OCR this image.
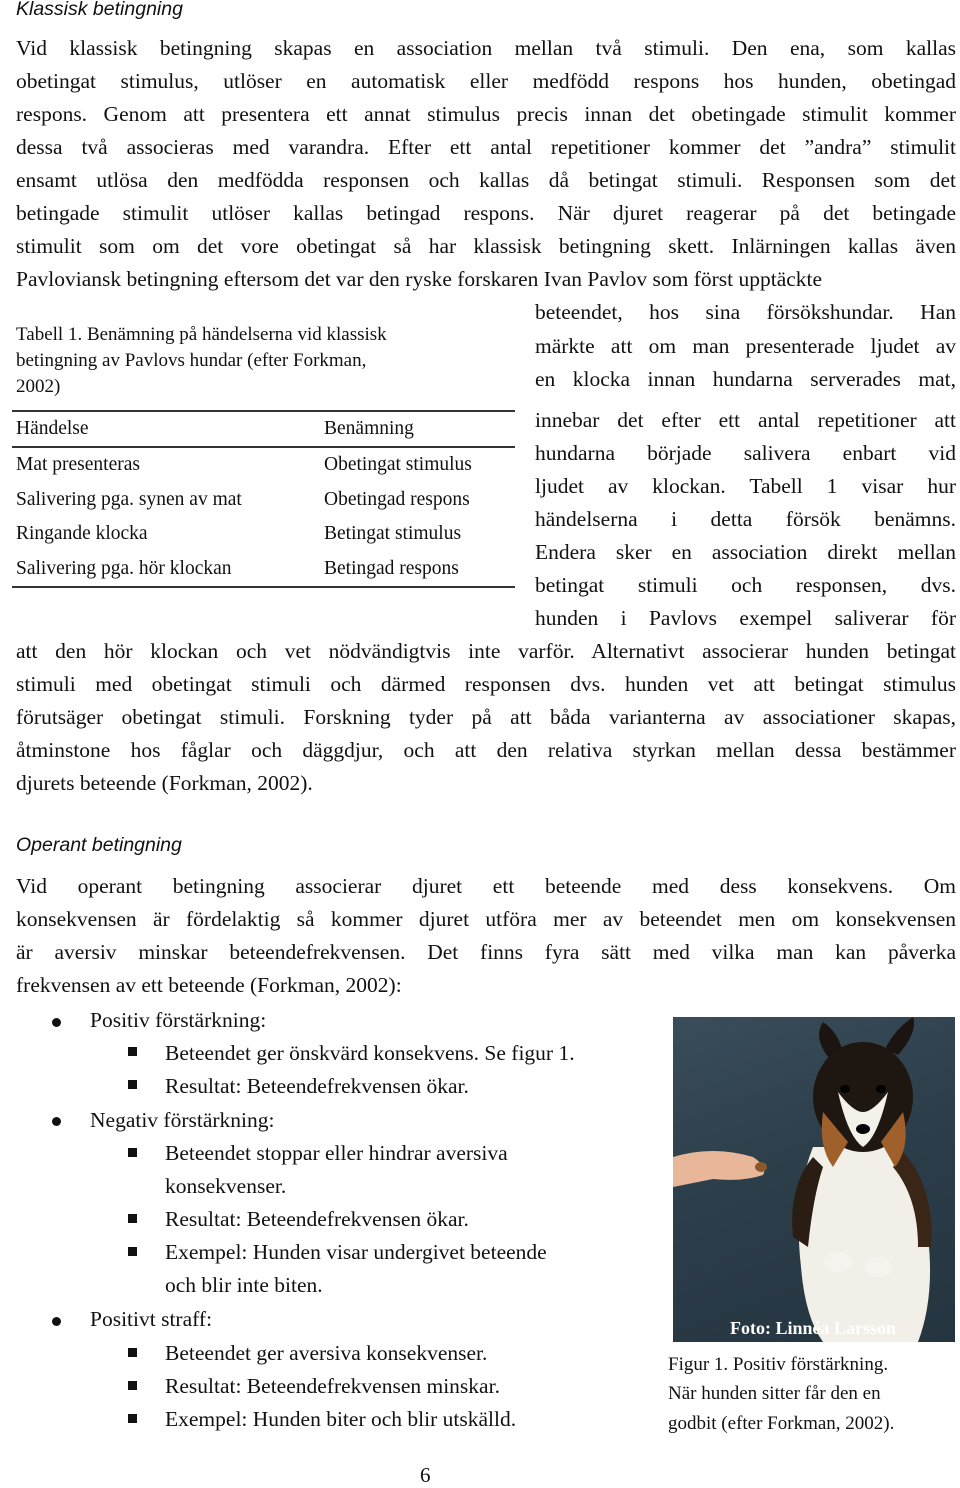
Klassisk betingning
Vid klassisk betingning skapas en association mellan två stimuli. Den ena, som kallas
obetingat stimulus, utlöser en automatisk eller medfödd respons hos hunden, obetingad
respons. Genom att presentera ett annat stimulus precis innan det obetingade stimulit kommer
dessa två associeras med varandra. Efter ett antal repetitioner kommer det ”andra” stimulit
ensamt utlösa den medfödda responsen och kallas då betingat stimuli. Responsen som det
betingade stimulit utlöser kallas betingad respons. När djuret reagerar på det betingade
stimulit som om det vore obetingat så har klassisk betingning skett. Inlärningen kallas även
Pavloviansk betingning eftersom det var den ryske forskaren Ivan Pavlov som först upptäckte
beteendet, hos sina försökshundar. Han
märkte att om man presenterade ljudet av
en klocka innan hundarna serverades mat,
innebar det efter ett antal repetitioner att
hundarna började salivera enbart vid
ljudet av klockan. Tabell 1 visar hur
händelserna i detta försök benämns.
Endera sker en association direkt mellan
betingat stimuli och responsen, dvs.
hunden i Pavlovs exempel saliverar för
Tabell 1. Benämning på händelserna vid klassisk
betingning av Pavlovs hundar (efter Forkman,
2002)
Händelse	Benämning
Mat presenteras	Obetingat stimulus
Salivering pga. synen av mat	Obetingad respons
Ringande klocka	Betingat stimulus
Salivering pga. hör klockan	Betingad respons
att den hör klockan och vet nödvändigtvis inte varför. Alternativt associerar hunden betingat
stimuli med obetingat stimuli och därmed responsen dvs. hunden vet att betingat stimulus
förutsäger obetingat stimuli. Forskning tyder på att båda varianterna av associationer skapas,
åtminstone hos fåglar och däggdjur, och att den relativa styrkan mellan dessa bestämmer
djurets beteende (Forkman, 2002).
Operant betingning
Vid operant betingning associerar djuret ett beteende med dess konsekvens. Om
konsekvensen är fördelaktig så kommer djuret utföra mer av beteendet men om konsekvensen
är aversiv minskar beteendefrekvensen. Det finns fyra sätt med vilka man kan påverka
frekvensen av ett beteende (Forkman, 2002):
Positiv förstärkning:
Beteendet ger önskvärd konsekvens. Se figur 1.
Resultat: Beteendefrekvensen ökar.
Negativ förstärkning:
Beteendet stoppar eller hindrar aversiva
konsekvenser.
Resultat: Beteendefrekvensen ökar.
Exempel: Hunden visar undergivet beteende
och blir inte biten.
Positivt straff:
Beteendet ger aversiva konsekvenser.
Resultat: Beteendefrekvensen minskar.
Exempel: Hunden biter och blir utskälld.
Foto: Linnéa Larsson
Figur 1. Positiv förstärkning.
När hunden sitter får den en
godbit (efter Forkman, 2002).
6
